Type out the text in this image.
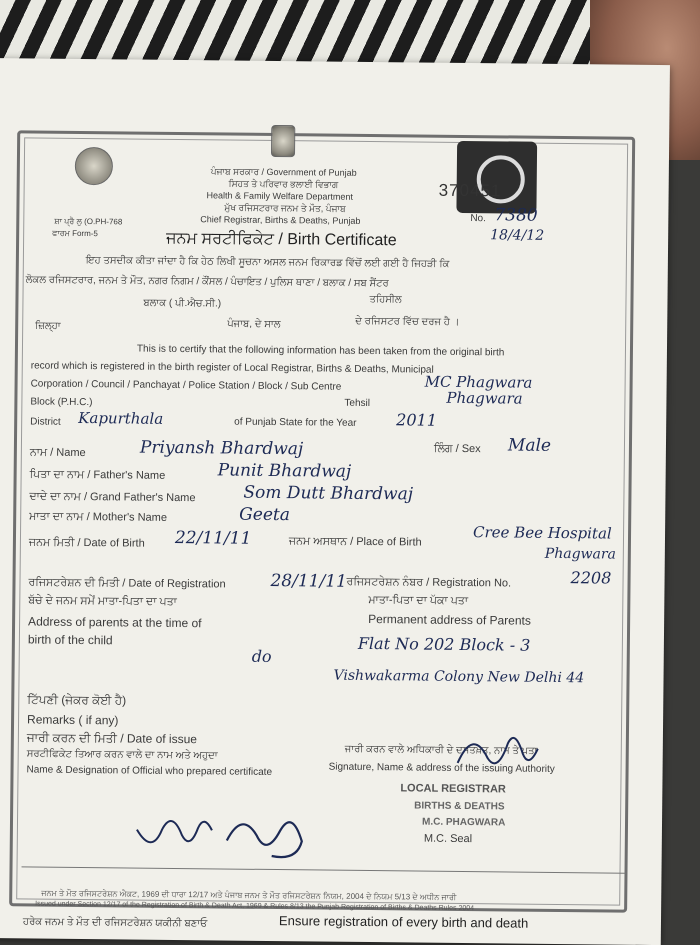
ਪੰਜਾਬ ਸਰਕਾਰ / Government of Punjab
ਸਿਹਤ ਤੇ ਪਰਿਵਾਰ ਭਲਾਈ ਵਿਭਾਗ
Health & Family Welfare Department
ਮੁੱਖ ਰਜਿਸਟਰਾਰ ਜਨਮ ਤੇ ਮੌਤ, ਪੰਜਾਬ
Chief Registrar, Births & Deaths, Punjab
ਸ਼ਾ ਪ੍ਰੈ ਲੁ (O.PH-768
ਫਾਰਮ Form-5	ਜਨਮ ਸਰਟੀਫਿਕੇਟ / Birth Certificate
370451
No. 7380
18/4/12
ਇਹ ਤਸਦੀਕ ਕੀਤਾ ਜਾਂਦਾ ਹੈ ਕਿ ਹੇਠ ਲਿਖੀ ਸੂਚਨਾ ਅਸਲ ਜਨਮ ਰਿਕਾਰਡ ਵਿੱਚੋਂ ਲਈ ਗਈ ਹੈ ਜਿਹੜੀ ਕਿ
ਲੋਕਲ ਰਜਿਸਟਰਾਰ, ਜਨਮ ਤੇ ਮੌਤ, ਨਗਰ ਨਿਗਮ / ਕੌਂਸਲ / ਪੰਚਾਇਤ / ਪੁਲਿਸ ਥਾਣਾ / ਬਲਾਕ / ਸਬ ਸੈਂਟਰ
ਬਲਾਕ ( ਪੀ.ਐਚ.ਸੀ.)	ਤਹਿਸੀਲ
ਜ਼ਿਲ੍ਹਾ	ਪੰਜਾਬ, ਦੇ ਸਾਲ	ਦੇ ਰਜਿਸਟਰ ਵਿੱਚ ਦਰਜ ਹੈ ।
This is to certify that the following information has been taken from the original birth
record which is registered in the birth register of Local Registrar, Births & Deaths, Municipal
Corporation / Council / Panchayat / Police Station / Block / Sub Centre	MC Phagwara
Block (P.H.C.)	Tehsil	Phagwara
District Kapurthala	of Punjab State for the Year 2011
ਨਾਮ / Name	Priyansh Bhardwaj	ਲਿੰਗ / Sex Male
ਪਿਤਾ ਦਾ ਨਾਮ / Father's Name	Punit Bhardwaj
ਦਾਦੇ ਦਾ ਨਾਮ / Grand Father's Name	Som Dutt Bhardwaj
ਮਾਤਾ ਦਾ ਨਾਮ / Mother's Name	Geeta
ਜਨਮ ਮਿਤੀ / Date of Birth 22/11/11	ਜਨਮ ਅਸਥਾਨ / Place of Birth	Cree Bee Hospital
Phagwara
ਰਜਿਸਟਰੇਸ਼ਨ ਦੀ ਮਿਤੀ / Date of Registration	28/11/11 ਰਜਿਸਟਰੇਸ਼ਨ ਨੰਬਰ / Registration No.	2208
ਬੱਚੇ ਦੇ ਜਨਮ ਸਮੇਂ ਮਾਤਾ-ਪਿਤਾ ਦਾ ਪਤਾ	ਮਾਤਾ-ਪਿਤਾ ਦਾ ਪੱਕਾ ਪਤਾ
Permanent address of Parents
Address of parents at the time of
birth of the child
do
Flat No 202 Block - 3
Vishwakarma Colony New Delhi 44
ਟਿੱਪਣੀ (ਜੇਕਰ ਕੋਈ ਹੈ)
Remarks ( if any)
ਜਾਰੀ ਕਰਨ ਦੀ ਮਿਤੀ / Date of issue
ਸਰਟੀਫਿਕੇਟ ਤਿਆਰ ਕਰਨ ਵਾਲੇ ਦਾ ਨਾਮ ਅਤੇ ਅਹੁਦਾ
Name & Designation of Official who prepared certificate
ਜਾਰੀ ਕਰਨ ਵਾਲੇ ਅਧਿਕਾਰੀ ਦੇ ਦਸਤਖ਼ਤ, ਨਾਮ ਤੇ ਪਤਾ
Signature, Name & address of the issuing Authority
LOCAL REGISTRAR
BIRTHS & DEATHS
M.C. PHAGWARA
M.C. Seal
ਜਨਮ ਤੇ ਮੌਤ ਰਜਿਸਟਰੇਸ਼ਨ ਐਕਟ, 1969 ਦੀ ਧਾਰਾ 12/17 ਅਤੇ ਪੰਜਾਬ ਜਨਮ ਤੇ ਮੌਤ ਰਜਿਸਟਰੇਸ਼ਨ ਨਿਯਮ, 2004 ਦੇ ਨਿਯਮ 5/13 ਦੇ ਅਧੀਨ ਜਾਰੀ
Issued under Section 12/17 of the Registration of Birth & Death Act, 1969 & Rules 8/13 the Punjab Registration of Births & Deaths Rules 2004
ਹਰੇਕ ਜਨਮ ਤੇ ਮੌਤ ਦੀ ਰਜਿਸਟਰੇਸ਼ਨ ਯਕੀਨੀ ਬਣਾਓ	Ensure registration of every birth and death
